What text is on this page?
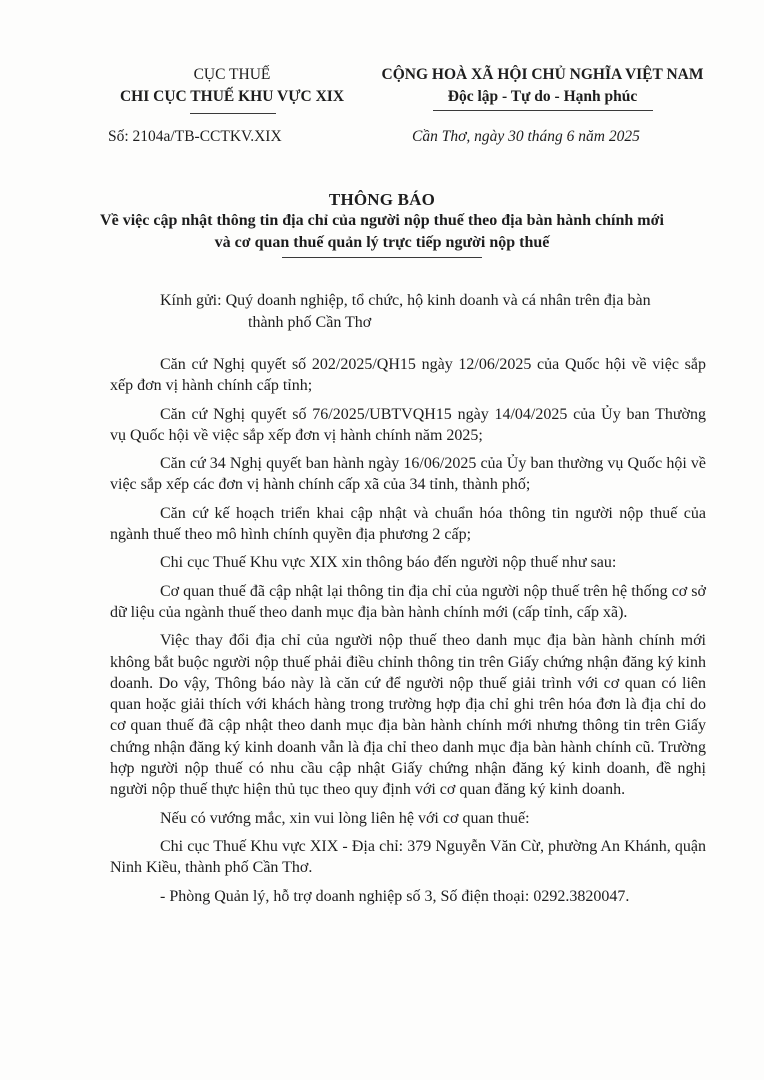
CỤC THUẾ
CHI CỤC THUẾ KHU VỰC XIX
CỘNG HOÀ XÃ HỘI CHỦ NGHĨA VIỆT NAM
Độc lập - Tự do - Hạnh phúc
Số: 2104a/TB-CCTKV.XIX	Cần Thơ, ngày 30 tháng 6 năm 2025
THÔNG BÁO
Về việc cập nhật thông tin địa chỉ của người nộp thuế theo địa bàn hành chính mới và cơ quan thuế quản lý trực tiếp người nộp thuế
Kính gửi: Quý doanh nghiệp, tổ chức, hộ kinh doanh và cá nhân trên địa bàn
thành phố Cần Thơ

Căn cứ Nghị quyết số 202/2025/QH15 ngày 12/06/2025 của Quốc hội về việc sắp xếp đơn vị hành chính cấp tỉnh;

Căn cứ Nghị quyết số 76/2025/UBTVQH15 ngày 14/04/2025 của Ủy ban Thường vụ Quốc hội về việc sắp xếp đơn vị hành chính năm 2025;

Căn cứ 34 Nghị quyết ban hành ngày 16/06/2025 của Ủy ban thường vụ Quốc hội về việc sắp xếp các đơn vị hành chính cấp xã của 34 tỉnh, thành phố;

Căn cứ kế hoạch triển khai cập nhật và chuẩn hóa thông tin người nộp thuế của ngành thuế theo mô hình chính quyền địa phương 2 cấp;

Chi cục Thuế Khu vực XIX xin thông báo đến người nộp thuế như sau:

Cơ quan thuế đã cập nhật lại thông tin địa chỉ của người nộp thuế trên hệ thống cơ sở dữ liệu của ngành thuế theo danh mục địa bàn hành chính mới (cấp tỉnh, cấp xã).

Việc thay đổi địa chỉ của người nộp thuế theo danh mục địa bàn hành chính mới không bắt buộc người nộp thuế phải điều chỉnh thông tin trên Giấy chứng nhận đăng ký kinh doanh. Do vậy, Thông báo này là căn cứ để người nộp thuế giải trình với cơ quan có liên quan hoặc giải thích với khách hàng trong trường hợp địa chỉ ghi trên hóa đơn là địa chỉ do cơ quan thuế đã cập nhật theo danh mục địa bàn hành chính mới nhưng thông tin trên Giấy chứng nhận đăng ký kinh doanh vẫn là địa chỉ theo danh mục địa bàn hành chính cũ. Trường hợp người nộp thuế có nhu cầu cập nhật Giấy chứng nhận đăng ký kinh doanh, đề nghị người nộp thuế thực hiện thủ tục theo quy định với cơ quan đăng ký kinh doanh.

Nếu có vướng mắc, xin vui lòng liên hệ với cơ quan thuế:

Chi cục Thuế Khu vực XIX - Địa chỉ: 379 Nguyễn Văn Cừ, phường An Khánh, quận Ninh Kiều, thành phố Cần Thơ.

- Phòng Quản lý, hỗ trợ doanh nghiệp số 3, Số điện thoại: 0292.3820047.
